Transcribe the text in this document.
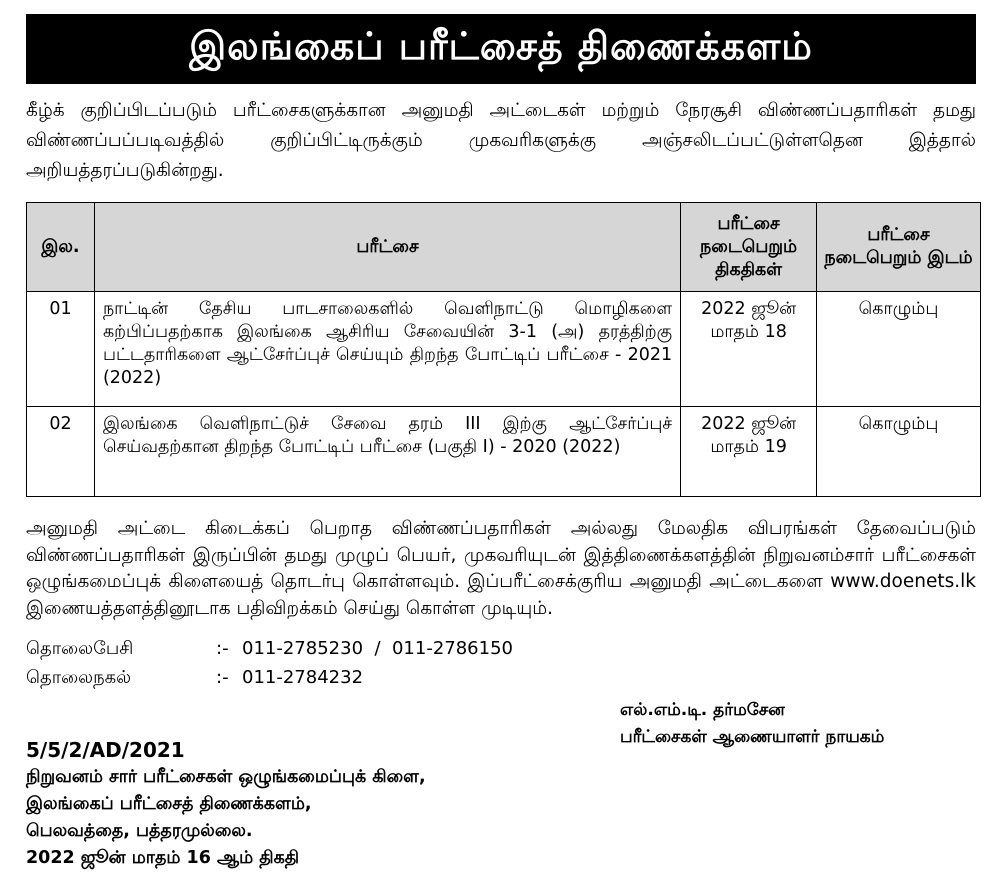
இலங்கைப் பரீட்சைத் திணைக்களம்
கீழ்க் குறிப்பிடப்படும் பரீட்சைகளுக்கான அனுமதி அட்டைகள் மற்றும் நேரசூசி விண்ணப்பதாரிகள் தமது விண்ணப்பப்படிவத்தில் குறிப்பிட்டிருக்கும் முகவரிகளுக்கு அஞ்சலிடப்பட்டுள்ளதென இத்தால் அறியத்தரப்படுகின்றது.
இல.	பரீட்சை	பரீட்சை நடைபெறும் திகதிகள்	பரீட்சை நடைபெறும் இடம்
01	நாட்டின் தேசிய பாடசாலைகளில் வெளிநாட்டு மொழிகளை கற்பிப்பதற்காக இலங்கை ஆசிரிய சேவையின் 3-1 (அ) தரத்திற்கு பட்டதாரிகளை ஆட்சேர்ப்புச் செய்யும் திறந்த போட்டிப் பரீட்சை - 2021 (2022)	2022 ஜூன் மாதம் 18	கொழும்பு
02	இலங்கை வெளிநாட்டுச் சேவை தரம் III இற்கு ஆட்சேர்ப்புச் செய்வதற்கான திறந்த போட்டிப் பரீட்சை (பகுதி I) - 2020 (2022)	2022 ஜூன் மாதம் 19	கொழும்பு
அனுமதி அட்டை கிடைக்கப் பெறாத விண்ணப்பதாரிகள் அல்லது மேலதிக விபரங்கள் தேவைப்படும் விண்ணப்பதாரிகள் இருப்பின் தமது முழுப் பெயர், முகவரியுடன் இத்திணைக்களத்தின் நிறுவனம்சார் பரீட்சைகள் ஒழுங்கமைப்புக் கிளையைத் தொடர்பு கொள்ளவும். இப்பரீட்சைக்குரிய அனுமதி அட்டைகளை www.doenets.lk இணையத்தளத்தினூடாக பதிவிறக்கம் செய்து கொள்ள முடியும்.
தொலைபேசி	:- 011-2785230  /  011-2786150
தொலைநகல்	:- 011-2784232
எல்.எம்.டி. தர்மசேன
பரீட்சைகள் ஆணையாளர் நாயகம்
5/5/2/AD/2021
நிறுவனம் சார் பரீட்சைகள் ஒழுங்கமைப்புக் கிளை,
இலங்கைப் பரீட்சைத் திணைக்களம்,
பெலவத்தை, பத்தரமுல்லை.
2022 ஜூன் மாதம் 16 ஆம் திகதி
